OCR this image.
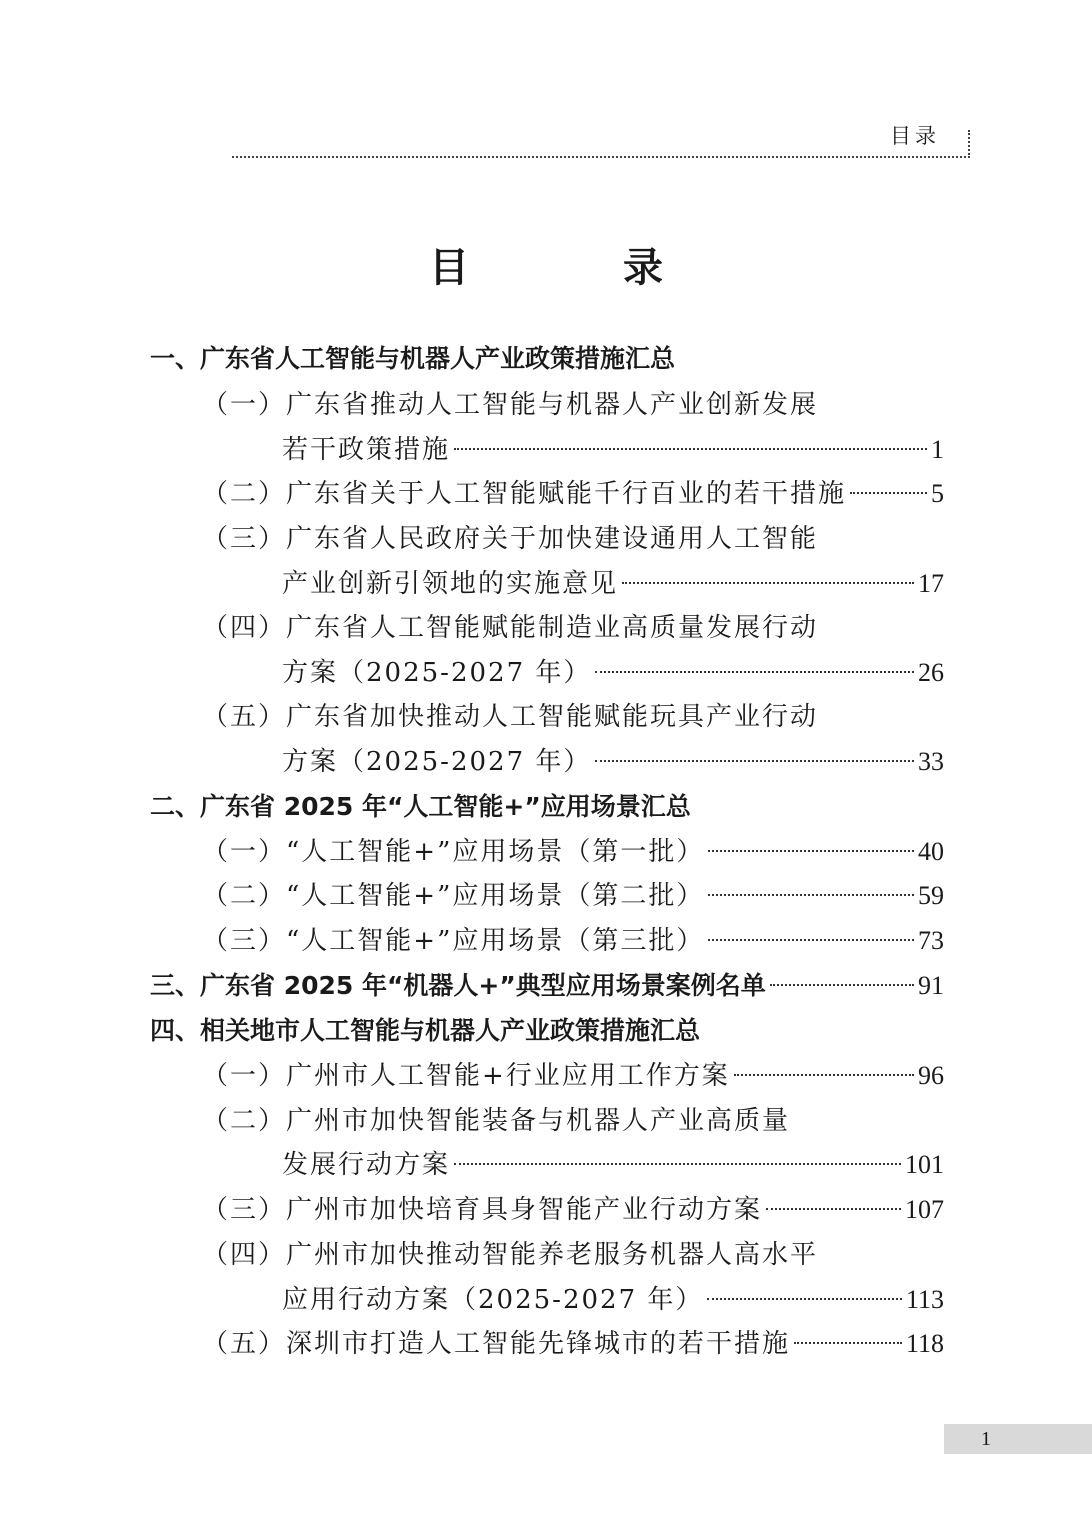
目录
目 录
一、广东省人工智能与机器人产业政策措施汇总
（一）广东省推动人工智能与机器人产业创新发展
若干政策措施	1
（二）广东省关于人工智能赋能千行百业的若干措施	5
（三）广东省人民政府关于加快建设通用人工智能
产业创新引领地的实施意见	17
（四）广东省人工智能赋能制造业高质量发展行动
方案（2025-2027 年）	26
（五）广东省加快推动人工智能赋能玩具产业行动
方案（2025-2027 年）	33
二、广东省 2025 年“人工智能+”应用场景汇总
（一）“人工智能+”应用场景（第一批）	40
（二）“人工智能+”应用场景（第二批）	59
（三）“人工智能+”应用场景（第三批）	73
三、广东省 2025 年“机器人+”典型应用场景案例名单	91
四、相关地市人工智能与机器人产业政策措施汇总
（一）广州市人工智能+行业应用工作方案	96
（二）广州市加快智能装备与机器人产业高质量
发展行动方案	101
（三）广州市加快培育具身智能产业行动方案	107
（四）广州市加快推动智能养老服务机器人高水平
应用行动方案（2025-2027 年）	113
（五）深圳市打造人工智能先锋城市的若干措施	118
1
